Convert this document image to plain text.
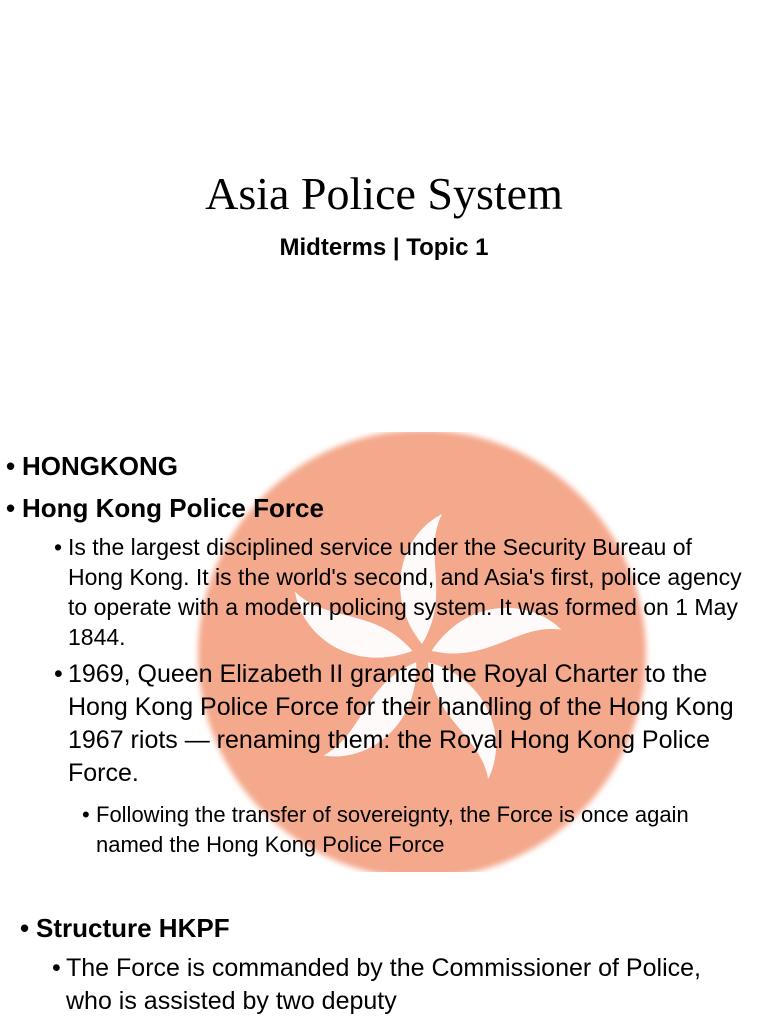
Asia Police System
Midterms | Topic 1
• HONGKONG
• Hong Kong Police Force
• Is the largest disciplined service under the Security Bureau of Hong Kong. It is the world's second, and Asia's first, police agency to operate with a modern policing system. It was formed on 1 May 1844.
• 1969, Queen Elizabeth II granted the Royal Charter to the Hong Kong Police Force for their handling of the Hong Kong 1967 riots — renaming them: the Royal Hong Kong Police Force.
• Following the transfer of sovereignty, the Force is once again named the Hong Kong Police Force
• Structure HKPF
• The Force is commanded by the Commissioner of Police, who is assisted by two deputy
